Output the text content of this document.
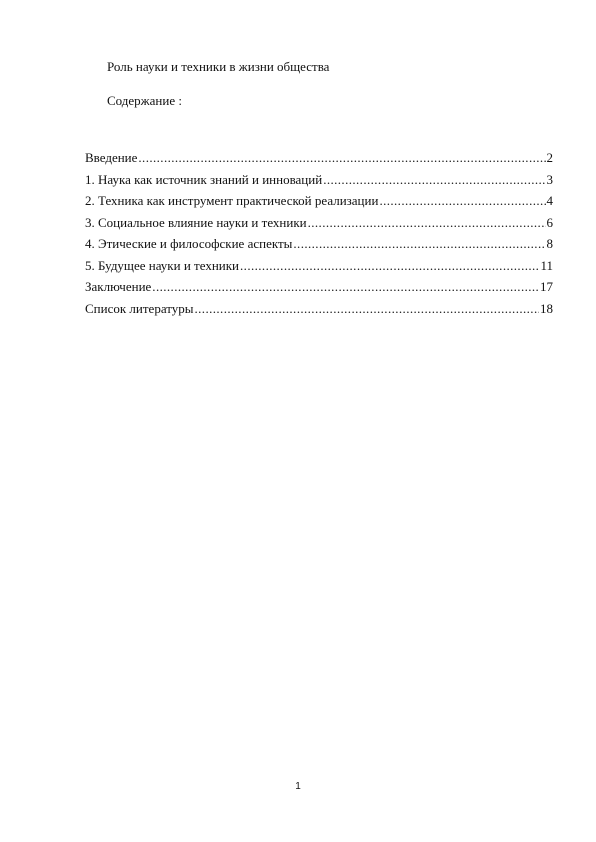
Роль науки и техники в жизни общества
Содержание :
Введение .....	2
1. Наука как источник знаний и инноваций .....	3
2. Техника как инструмент практической реализации .....	4
3. Социальное влияние науки и техники .....	6
4. Этические и философские аспекты .....	8
5. Будущее науки и техники .....	11
Заключение .....	17
Список литературы .....	18
1
